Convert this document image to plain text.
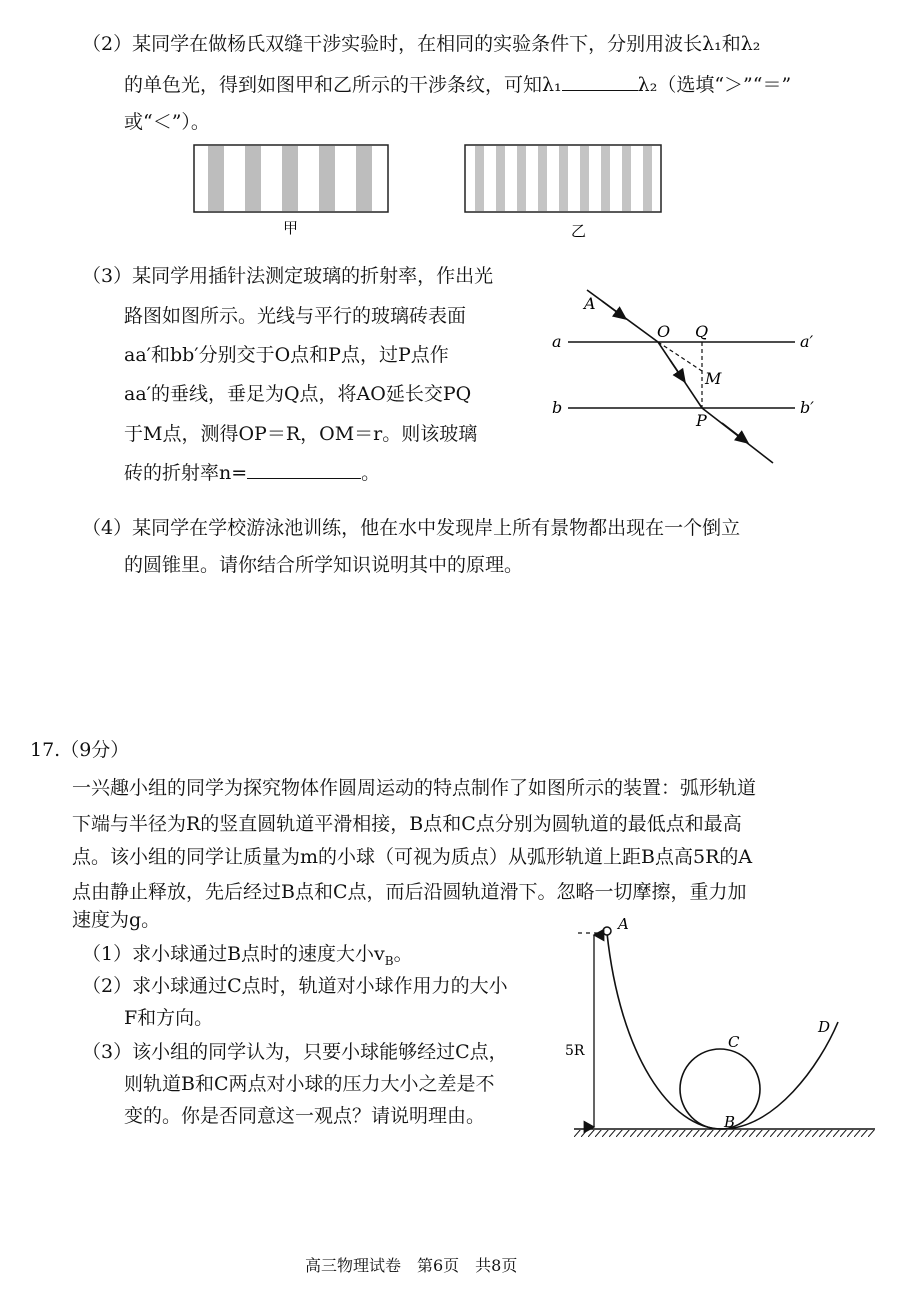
（2）某同学在做杨氏双缝干涉实验时，在相同的实验条件下，分别用波长λ₁和λ₂
的单色光，得到如图甲和乙所示的干涉条纹，可知λ₁	λ₂（选填“＞”“＝”
或“＜”）。
甲	乙
（3）某同学用插针法测定玻璃的折射率，作出光
路图如图所示。光线与平行的玻璃砖表面
aa′和bb′分别交于O点和P点，过P点作
aa′的垂线，垂足为Q点，将AO延长交PQ
于M点，测得OP＝R，OM＝r。则该玻璃
砖的折射率n=	。
A
O Q
a	a′
M
b
P
b′
（4）某同学在学校游泳池训练，他在水中发现岸上所有景物都出现在一个倒立
的圆锥里。请你结合所学知识说明其中的原理。
17.（9分）
一兴趣小组的同学为探究物体作圆周运动的特点制作了如图所示的装置：弧形轨道
下端与半径为R的竖直圆轨道平滑相接，B点和C点分别为圆轨道的最低点和最高
点。该小组的同学让质量为m的小球（可视为质点）从弧形轨道上距B点高5R的A
点由静止释放，先后经过B点和C点，而后沿圆轨道滑下。忽略一切摩擦，重力加
速度为g。
（1）求小球通过B点时的速度大小$v_B$。
（2）求小球通过C点时，轨道对小球作用力的大小
F和方向。
（3）该小组的同学认为，只要小球能够经过C点，
则轨道B和C两点对小球的压力大小之差是不
变的。你是否同意这一观点？请说明理由。
A
C
D
B
5R
高三物理试卷　第6页　共8页
